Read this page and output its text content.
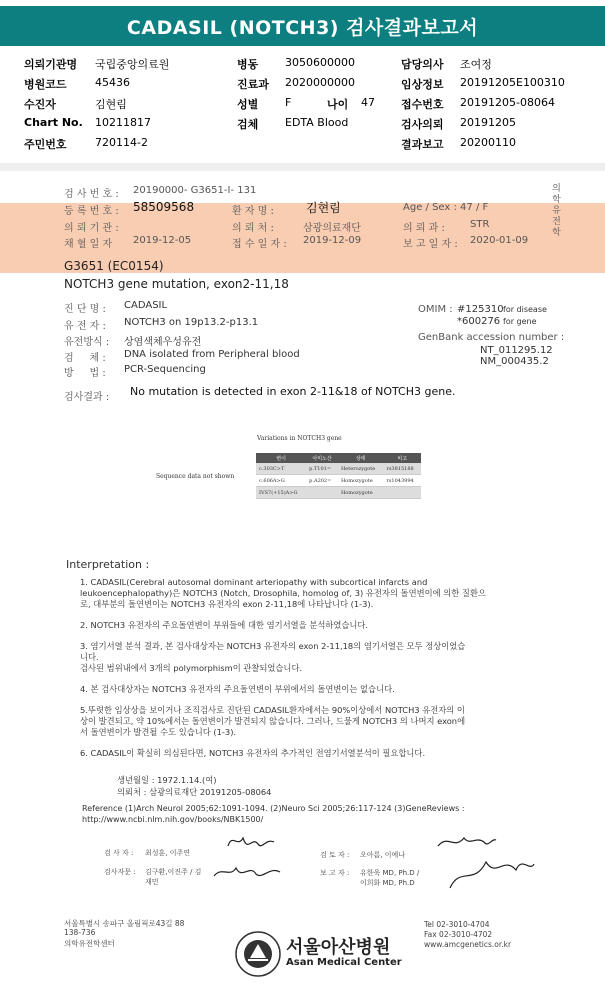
CADASIL (NOTCH3) 검사결과보고서
의뢰기관명 국립중앙의료원	병동 3050600000	담당의사 조여정
병원코드	45436	진료과 2020000000	임상정보 20191205E100310
수진자	김현림	성별 F	나이 47 접수번호 20191205-08064
Chart No. 10211817	검체 EDTA Blood	검사의뢰 20191205
주민번호	720114-2	결과보고 20200110
검 사 번 호 : 20190000- G3651-I- 131
등 록 번 호 : 58509568	환 자 명 :	김현림	Age / Sex : 47 / F
의 뢰 기 관 :	의 뢰 처 :	삼광의료재단	의 뢰 과 :	STR
채 혈 일 자 2019-12-05	접 수 일 자 : 2019-12-09	보 고 일 자 : 2020-01-09
의학유전학
G3651 (EC0154)
NOTCH3 gene mutation, exon2-11,18
진 단 명 : CADASIL
유 전 자 : NOTCH3 on 19p13.2-p13.1
유전방식 : 상염색체우성유전
검     체 : DNA isolated from Peripheral blood
방     법 : PCR-Sequencing
OMIM : #125310 for disease
*600276 for gene
GenBank accession number :
NT_011295.12
NM_000435.2
검사결과 : No mutation is detected in exon 2-11&18 of NOTCH3 gene.
Variations in NOTCH3 gene
Sequence data not shown
변이	아미노산	상태	비고
c.303C>T	p.T101=	Heterozygote	rs3815188
c.606A>G	p.A202=	Homozygote	rs1043994
IVS7(+15)A>G		Homozygote	
Interpretation :
1. CADASIL(Cerebral autosomal dominant arteriopathy with subcortical infarcts and
leukoencephalopathy)은 NOTCH3 (Notch, Drosophila, homolog of, 3) 유전자의 돌연변이에 의한 질환으
로, 대부분의 돌연변이는 NOTCH3 유전자의 exon 2-11,18에 나타납니다 (1-3).
2. NOTCH3 유전자의 주요돌연변이 부위들에 대한 염기서열을 분석하였습니다.
3. 염기서열 분석 결과, 본 검사대상자는 NOTCH3 유전자의 exon 2-11,18의 염기서열은 모두 정상이었습
니다.
검사된 범위내에서 3개의 polymorphism이 관찰되었습니다.
4. 본 검사대상자는 NOTCH3 유전자의 주요돌연변이 부위에서의 돌연변이는 없습니다.
5.뚜렷한 임상상을 보이거나 조직검사로 진단된 CADASIL환자에서는 90%이상에서 NOTCH3 유전자의 이
상이 발견되고, 약 10%에서는 돌연변이가 발견되지 않습니다. 그러나, 드물게 NOTCH3 의 나머지 exon에
서 돌연변이가 발견될 수도 있습니다 (1-3).
6. CADASIL이 확실히 의심된다면, NOTCH3 유전자의 추가적인 전염기서열분석이 필요합니다.
생년월일 : 1972.1.14.(여)
의뢰처 : 삼광의료재단 20191205-08064
Reference (1)Arch Neurol 2005;62:1091-1094. (2)Neuro Sci 2005;26:117-124 (3)GeneReviews :
http://www.ncbi.nlm.nih.gov/books/NBK1500/
검 사 자 : 최성훈, 이주연	검 토 자 : 오아름, 이예나
검사자문 : 김구환,이진주 / 김재민
보 고 자 : 유한욱 MD, Ph.D / 이희화 MD, Ph.D
서울특별시 송파구 올림픽로43길 88
138-736
의학유전학센터	서울아산병원
Asan Medical Center
Tel 02-3010-4704
Fax 02-3010-4702
www.amcgenetics.or.kr
